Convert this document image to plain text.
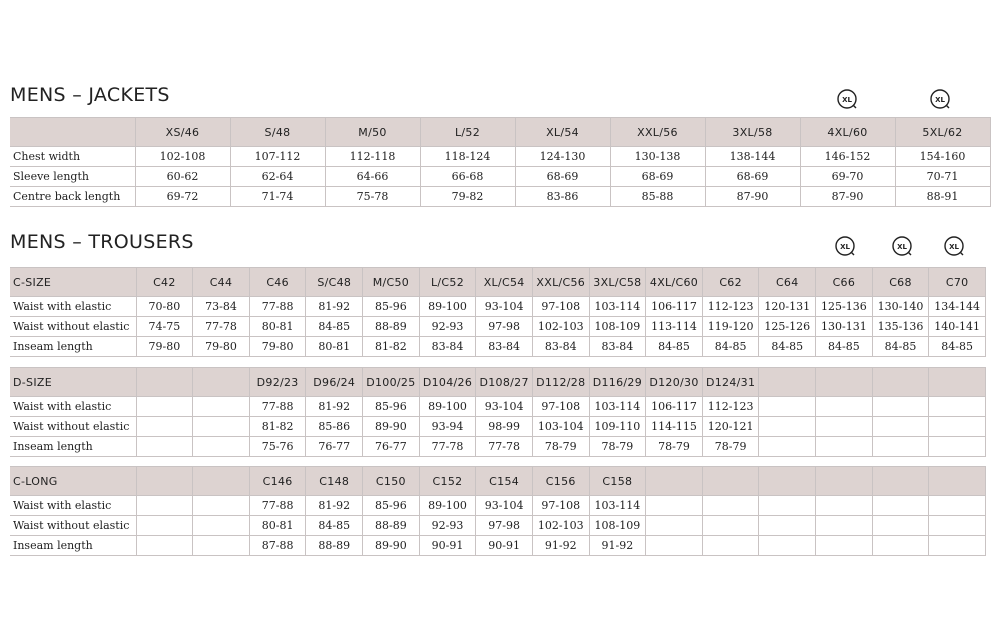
MENS – JACKETS	XL	XL
	XS/46	S/48	M/50	L/52	XL/54	XXL/56	3XL/58	4XL/60	5XL/62
Chest width	102-108	107-112	112-118	118-124	124-130	130-138	138-144	146-152	154-160
Sleeve length	60-62	62-64	64-66	66-68	68-69	68-69	68-69	69-70	70-71
Centre back length	69-72	71-74	75-78	79-82	83-86	85-88	87-90	87-90	88-91
MENS – TROUSERS	XL	XL	XL
C-SIZE	C42	C44	C46	S/C48	M/C50	L/C52	XL/C54	XXL/C56	3XL/C58	4XL/C60	C62	C64	C66	C68	C70
Waist with elastic	70-80	73-84	77-88	81-92	85-96	89-100	93-104	97-108	103-114	106-117	112-123	120-131	125-136	130-140	134-144
Waist without elastic	74-75	77-78	80-81	84-85	88-89	92-93	97-98	102-103	108-109	113-114	119-120	125-126	130-131	135-136	140-141
Inseam length	79-80	79-80	79-80	80-81	81-82	83-84	83-84	83-84	83-84	84-85	84-85	84-85	84-85	84-85	84-85
D-SIZE			D92/23	D96/24	D100/25	D104/26	D108/27	D112/28	D116/29	D120/30	D124/31				
Waist with elastic			77-88	81-92	85-96	89-100	93-104	97-108	103-114	106-117	112-123				
Waist without elastic			81-82	85-86	89-90	93-94	98-99	103-104	109-110	114-115	120-121				
Inseam length			75-76	76-77	76-77	77-78	77-78	78-79	78-79	78-79	78-79				
C-LONG			C146	C148	C150	C152	C154	C156	C158						
Waist with elastic			77-88	81-92	85-96	89-100	93-104	97-108	103-114						
Waist without elastic			80-81	84-85	88-89	92-93	97-98	102-103	108-109						
Inseam length			87-88	88-89	89-90	90-91	90-91	91-92	91-92						
